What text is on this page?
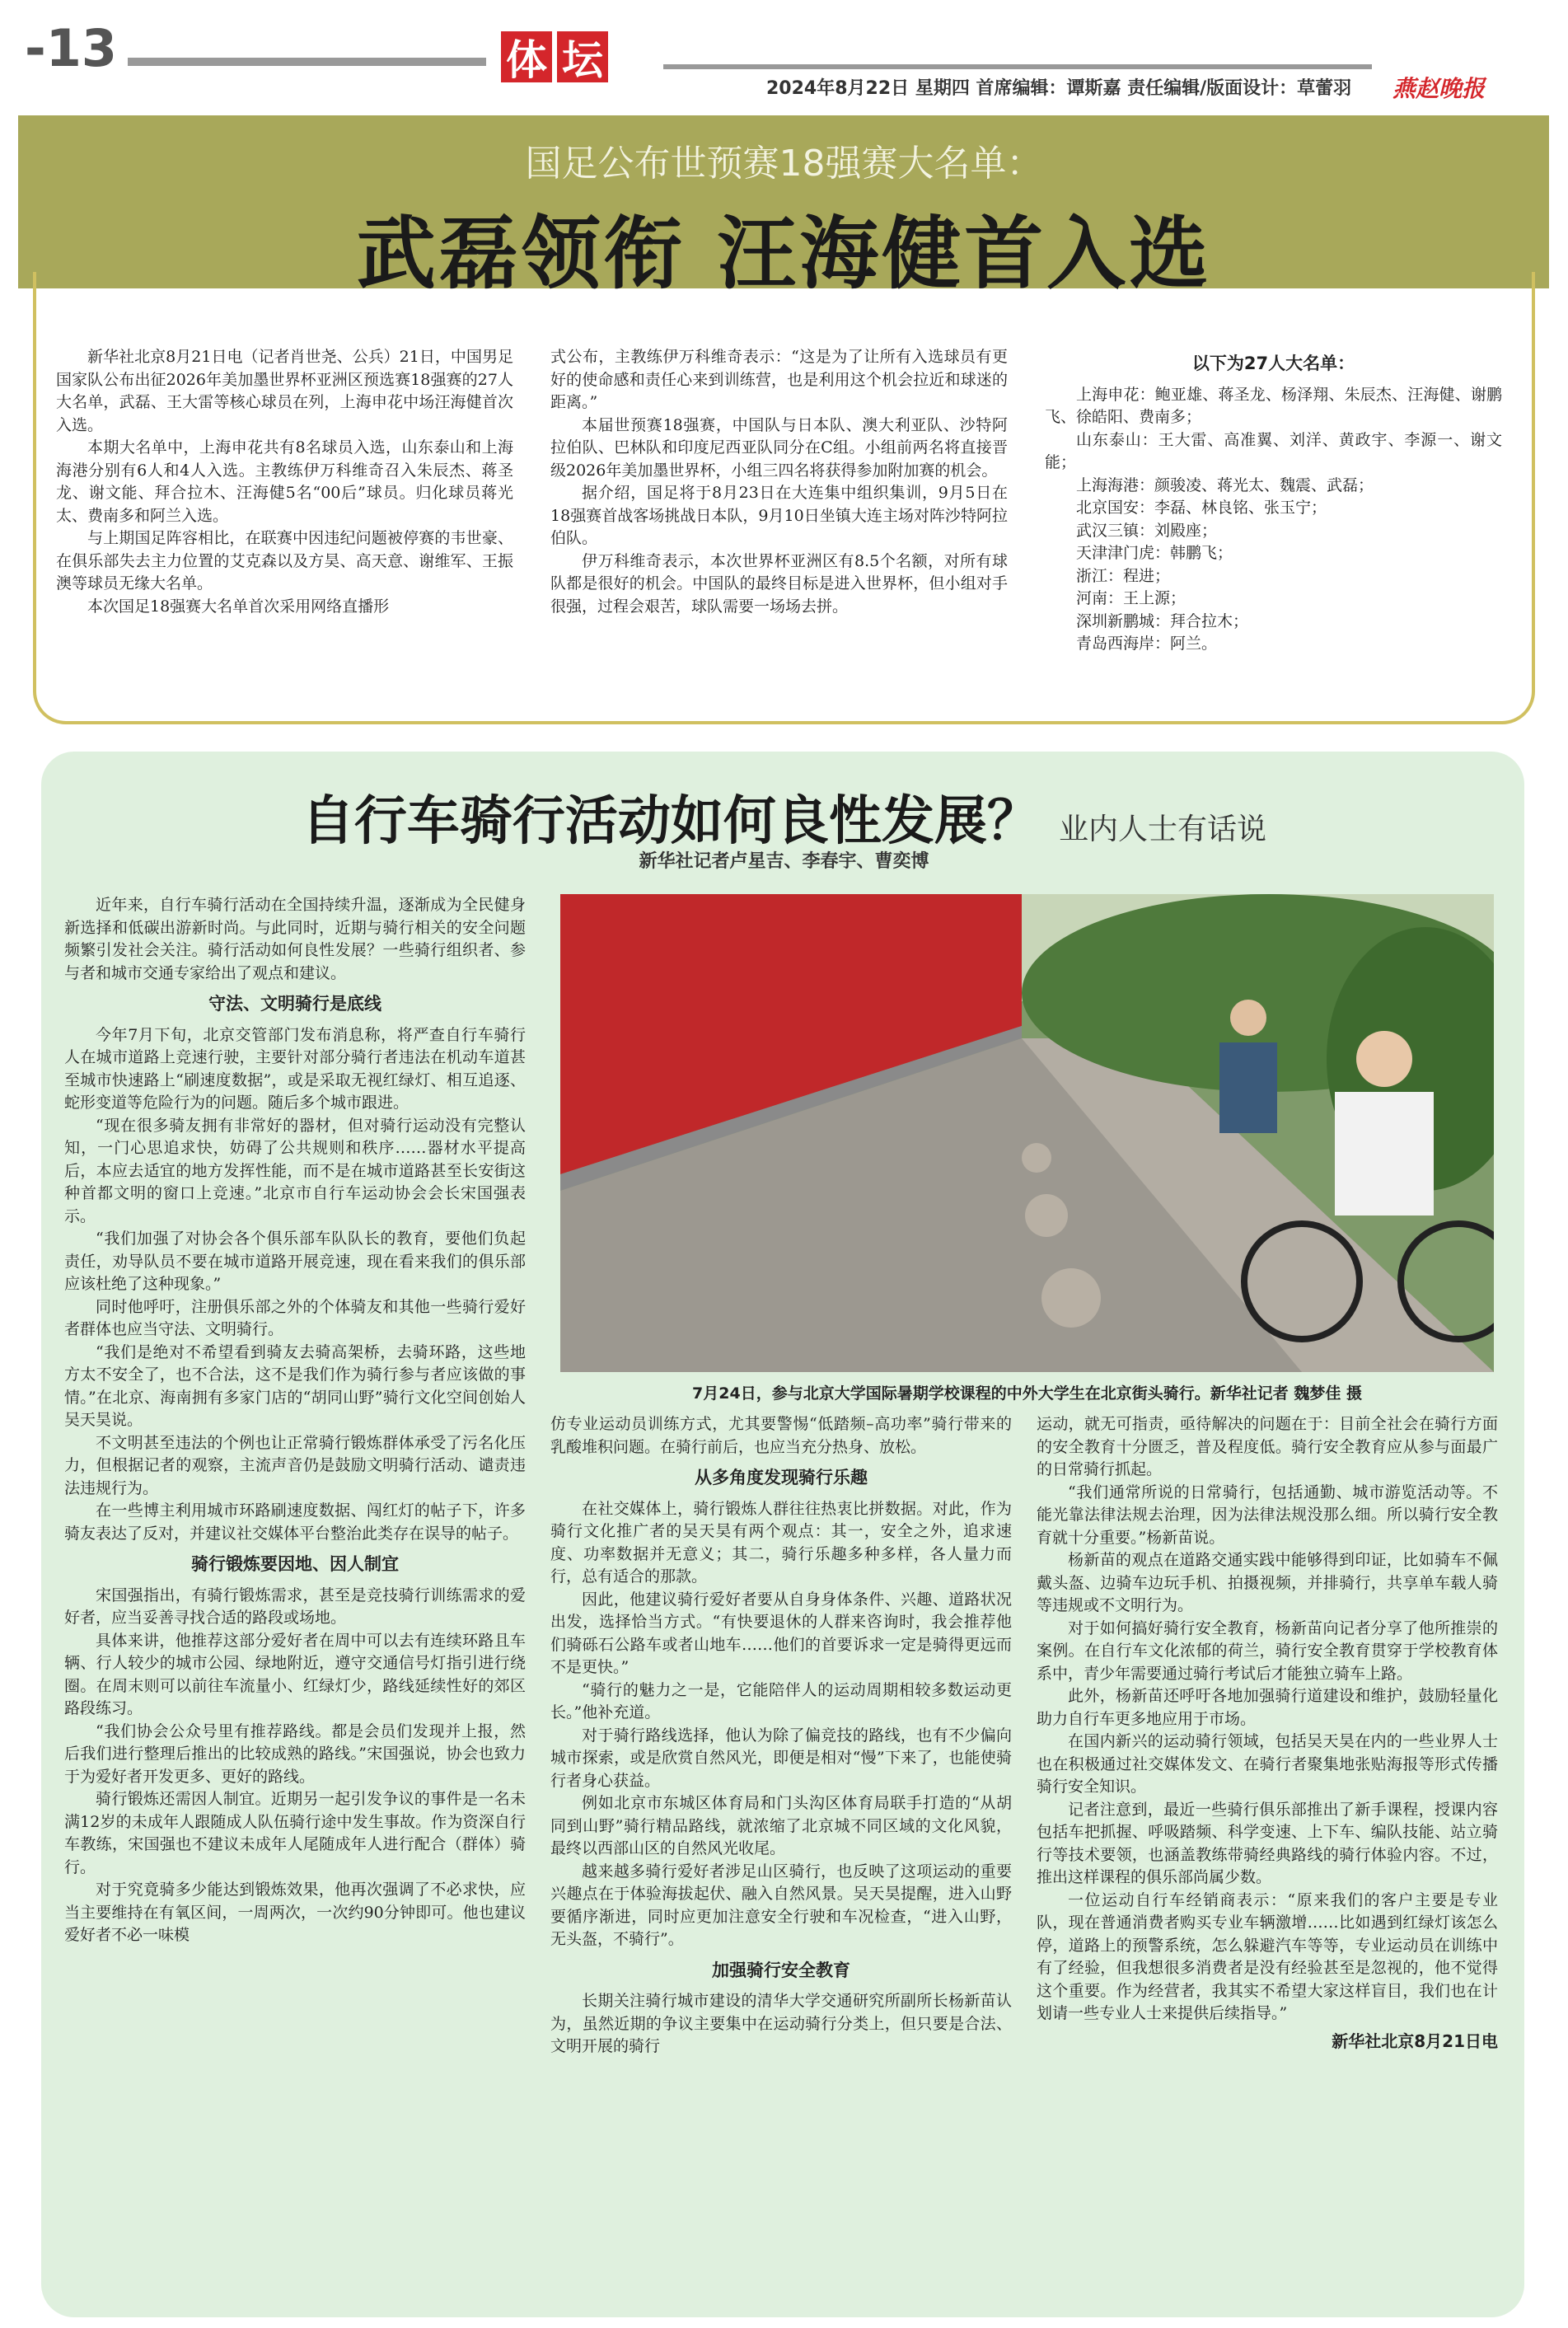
-13	体 坛
2024年8月22日 星期四 首席编辑：谭斯嘉 责任编辑/版面设计：草蕾羽 燕赵晚报
国足公布世预赛18强赛大名单：
武磊领衔 汪海健首入选

新华社北京8月21日电（记者肖世尧、公兵）21日，中国男足国家队公布出征2026年美加墨世界杯亚洲区预选赛18强赛的27人大名单，武磊、王大雷等核心球员在列，上海申花中场汪海健首次入选。

本期大名单中，上海申花共有8名球员入选，山东泰山和上海海港分别有6人和4人入选。主教练伊万科维奇召入朱辰杰、蒋圣龙、谢文能、拜合拉木、汪海健5名“00后”球员。归化球员蒋光太、费南多和阿兰入选。

与上期国足阵容相比，在联赛中因违纪问题被停赛的韦世豪、在俱乐部失去主力位置的艾克森以及方昊、高天意、谢维军、王振澳等球员无缘大名单。

本次国足18强赛大名单首次采用网络直播形

式公布，主教练伊万科维奇表示：“这是为了让所有入选球员有更好的使命感和责任心来到训练营，也是利用这个机会拉近和球迷的距离。”

本届世预赛18强赛，中国队与日本队、澳大利亚队、沙特阿拉伯队、巴林队和印度尼西亚队同分在C组。小组前两名将直接晋级2026年美加墨世界杯，小组三四名将获得参加附加赛的机会。

据介绍，国足将于8月23日在大连集中组织集训，9月5日在18强赛首战客场挑战日本队，9月10日坐镇大连主场对阵沙特阿拉伯队。

伊万科维奇表示，本次世界杯亚洲区有8.5个名额，对所有球队都是很好的机会。中国队的最终目标是进入世界杯，但小组对手很强，过程会艰苦，球队需要一场场去拼。

以下为27人大名单：

上海申花：鲍亚雄、蒋圣龙、杨泽翔、朱辰杰、汪海健、谢鹏飞、徐皓阳、费南多；

山东泰山：王大雷、高准翼、刘洋、黄政宇、李源一、谢文能；

上海海港：颜骏凌、蒋光太、魏震、武磊；

北京国安：李磊、林良铭、张玉宁；

武汉三镇：刘殿座；

天津津门虎：韩鹏飞；

浙江：程进；

河南：王上源；

深圳新鹏城：拜合拉木；

青岛西海岸：阿兰。

自行车骑行活动如何良性发展？ 业内人士有话说
新华社记者卢星吉、李春宇、曹奕博
7月24日，参与北京大学国际暑期学校课程的中外大学生在北京街头骑行。新华社记者 魏梦佳 摄

近年来，自行车骑行活动在全国持续升温，逐渐成为全民健身新选择和低碳出游新时尚。与此同时，近期与骑行相关的安全问题频繁引发社会关注。骑行活动如何良性发展？一些骑行组织者、参与者和城市交通专家给出了观点和建议。

守法、文明骑行是底线

今年7月下旬，北京交管部门发布消息称，将严查自行车骑行人在城市道路上竞速行驶，主要针对部分骑行者违法在机动车道甚至城市快速路上“刷速度数据”，或是采取无视红绿灯、相互追逐、蛇形变道等危险行为的问题。随后多个城市跟进。

“现在很多骑友拥有非常好的器材，但对骑行运动没有完整认知，一门心思追求快，妨碍了公共规则和秩序……器材水平提高后，本应去适宜的地方发挥性能，而不是在城市道路甚至长安街这种首都文明的窗口上竞速。”北京市自行车运动协会会长宋国强表示。

“我们加强了对协会各个俱乐部车队队长的教育，要他们负起责任，劝导队员不要在城市道路开展竞速，现在看来我们的俱乐部应该杜绝了这种现象。”

同时他呼吁，注册俱乐部之外的个体骑友和其他一些骑行爱好者群体也应当守法、文明骑行。

“我们是绝对不希望看到骑友去骑高架桥，去骑环路，这些地方太不安全了，也不合法，这不是我们作为骑行参与者应该做的事情。”在北京、海南拥有多家门店的“胡同山野”骑行文化空间创始人吴天昊说。

不文明甚至违法的个例也让正常骑行锻炼群体承受了污名化压力，但根据记者的观察，主流声音仍是鼓励文明骑行活动、谴责违法违规行为。

在一些博主利用城市环路刷速度数据、闯红灯的帖子下，许多骑友表达了反对，并建议社交媒体平台整治此类存在误导的帖子。

骑行锻炼要因地、因人制宜

宋国强指出，有骑行锻炼需求，甚至是竞技骑行训练需求的爱好者，应当妥善寻找合适的路段或场地。

具体来讲，他推荐这部分爱好者在周中可以去有连续环路且车辆、行人较少的城市公园、绿地附近，遵守交通信号灯指引进行绕圈。在周末则可以前往车流量小、红绿灯少，路线延续性好的郊区路段练习。

“我们协会公众号里有推荐路线。都是会员们发现并上报，然后我们进行整理后推出的比较成熟的路线。”宋国强说，协会也致力于为爱好者开发更多、更好的路线。

骑行锻炼还需因人制宜。近期另一起引发争议的事件是一名未满12岁的未成年人跟随成人队伍骑行途中发生事故。作为资深自行车教练，宋国强也不建议未成年人尾随成年人进行配合（群体）骑行。

对于究竟骑多少能达到锻炼效果，他再次强调了不必求快，应当主要维持在有氧区间，一周两次，一次约90分钟即可。他也建议爱好者不必一味模

仿专业运动员训练方式，尤其要警惕“低踏频–高功率”骑行带来的乳酸堆积问题。在骑行前后，也应当充分热身、放松。

从多角度发现骑行乐趣

在社交媒体上，骑行锻炼人群往往热衷比拼数据。对此，作为骑行文化推广者的吴天昊有两个观点：其一，安全之外，追求速度、功率数据并无意义；其二，骑行乐趣多种多样，各人量力而行，总有适合的那款。

因此，他建议骑行爱好者要从自身身体条件、兴趣、道路状况出发，选择恰当方式。“有快要退休的人群来咨询时，我会推荐他们骑砾石公路车或者山地车……他们的首要诉求一定是骑得更远而不是更快。”

“骑行的魅力之一是，它能陪伴人的运动周期相较多数运动更长。”他补充道。

对于骑行路线选择，他认为除了偏竞技的路线，也有不少偏向城市探索，或是欣赏自然风光，即便是相对“慢”下来了，也能使骑行者身心获益。

例如北京市东城区体育局和门头沟区体育局联手打造的“从胡同到山野”骑行精品路线，就浓缩了北京城不同区域的文化风貌，最终以西部山区的自然风光收尾。

越来越多骑行爱好者涉足山区骑行，也反映了这项运动的重要兴趣点在于体验海拔起伏、融入自然风景。吴天昊提醒，进入山野要循序渐进，同时应更加注意安全行驶和车况检查，“进入山野，无头盔，不骑行”。

加强骑行安全教育

长期关注骑行城市建设的清华大学交通研究所副所长杨新苗认为，虽然近期的争议主要集中在运动骑行分类上，但只要是合法、文明开展的骑行

运动，就无可指责，亟待解决的问题在于：目前全社会在骑行方面的安全教育十分匮乏，普及程度低。骑行安全教育应从参与面最广的日常骑行抓起。

“我们通常所说的日常骑行，包括通勤、城市游览活动等。不能光靠法律法规去治理，因为法律法规没那么细。所以骑行安全教育就十分重要。”杨新苗说。

杨新苗的观点在道路交通实践中能够得到印证，比如骑车不佩戴头盔、边骑车边玩手机、拍摄视频，并排骑行，共享单车载人骑等违规或不文明行为。

对于如何搞好骑行安全教育，杨新苗向记者分享了他所推崇的案例。在自行车文化浓郁的荷兰，骑行安全教育贯穿于学校教育体系中，青少年需要通过骑行考试后才能独立骑车上路。

此外，杨新苗还呼吁各地加强骑行道建设和维护，鼓励轻量化助力自行车更多地应用于市场。

在国内新兴的运动骑行领域，包括吴天昊在内的一些业界人士也在积极通过社交媒体发文、在骑行者聚集地张贴海报等形式传播骑行安全知识。

记者注意到，最近一些骑行俱乐部推出了新手课程，授课内容包括车把抓握、呼吸踏频、科学变速、上下车、编队技能、站立骑行等技术要领，也涵盖教练带骑经典路线的骑行体验内容。不过，推出这样课程的俱乐部尚属少数。

一位运动自行车经销商表示：“原来我们的客户主要是专业队，现在普通消费者购买专业车辆激增……比如遇到红绿灯该怎么停，道路上的预警系统，怎么躲避汽车等等，专业运动员在训练中有了经验，但我想很多消费者是没有经验甚至是忽视的，他不觉得这个重要。作为经营者，我其实不希望大家这样盲目，我们也在计划请一些专业人士来提供后续指导。”

新华社北京8月21日电
